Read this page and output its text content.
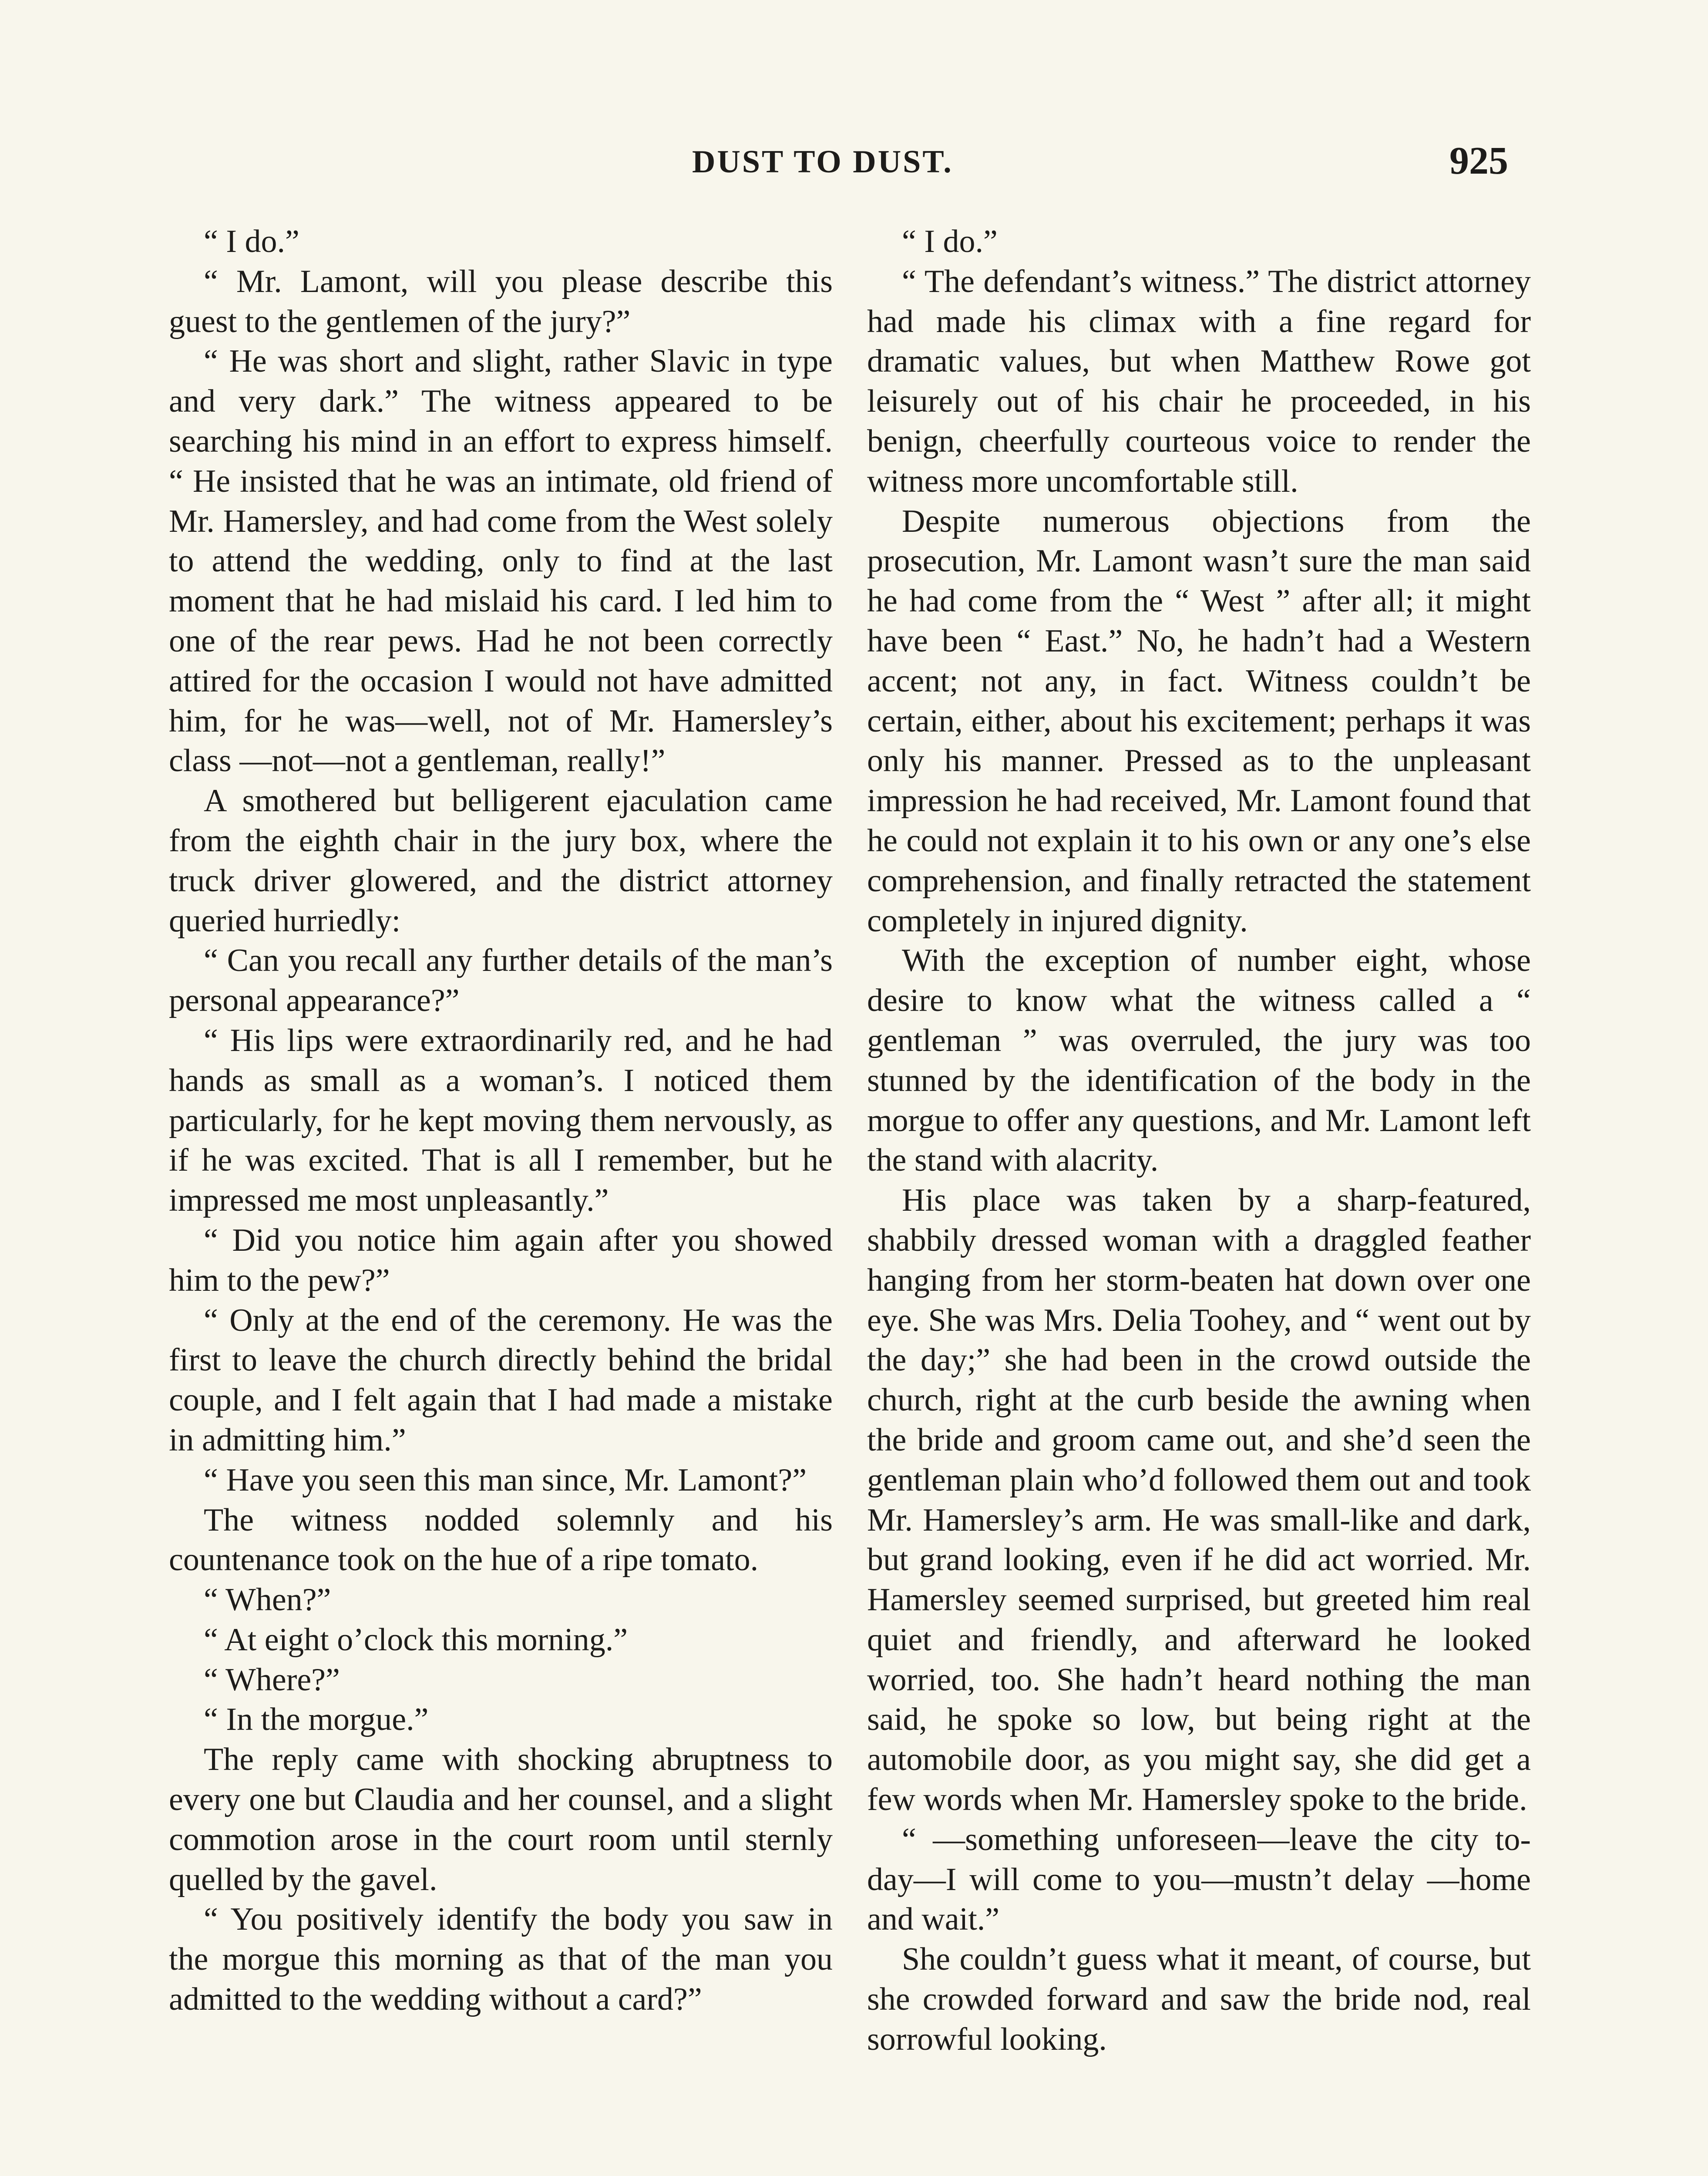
DUST TO DUST.	925

“ I do.”

“ Mr. Lamont, will you please describe this guest to the gentlemen of the jury?”

“ He was short and slight, rather Slavic in type and very dark.” The witness appeared to be searching his mind in an effort to express himself. “ He insisted that he was an intimate, old friend of Mr. Hamersley, and had come from the West solely to attend the wedding, only to find at the last moment that he had mislaid his card. I led him to one of the rear pews. Had he not been correctly attired for the occasion I would not have admitted him, for he was—well, not of Mr. Hamersley’s class —not—not a gentleman, really!”

A smothered but belligerent ejaculation came from the eighth chair in the jury box, where the truck driver glowered, and the district attorney queried hurriedly:

“ Can you recall any further details of the man’s personal appearance?”

“ His lips were extraordinarily red, and he had hands as small as a woman’s. I noticed them particularly, for he kept moving them nervously, as if he was excited. That is all I remember, but he impressed me most unpleasantly.”

“ Did you notice him again after you showed him to the pew?”

“ Only at the end of the ceremony. He was the first to leave the church directly behind the bridal couple, and I felt again that I had made a mistake in admitting him.”

“ Have you seen this man since, Mr. Lamont?”

The witness nodded solemnly and his countenance took on the hue of a ripe tomato.

“ When?”

“ At eight o’clock this morning.”

“ Where?”

“ In the morgue.”

The reply came with shocking abruptness to every one but Claudia and her counsel, and a slight commotion arose in the court room until sternly quelled by the gavel.

“ You positively identify the body you saw in the morgue this morning as that of the man you admitted to the wedding without a card?”

“ I do.”

“ The defendant’s witness.” The district attorney had made his climax with a fine regard for dramatic values, but when Matthew Rowe got leisurely out of his chair he proceeded, in his benign, cheerfully courteous voice to render the witness more uncomfortable still.

Despite numerous objections from the prosecution, Mr. Lamont wasn’t sure the man said he had come from the “ West ” after all; it might have been “ East.” No, he hadn’t had a Western accent; not any, in fact. Witness couldn’t be certain, either, about his excitement; perhaps it was only his manner. Pressed as to the unpleasant impression he had received, Mr. Lamont found that he could not explain it to his own or any one’s else comprehension, and finally retracted the statement completely in injured dignity.

With the exception of number eight, whose desire to know what the witness called a “ gentleman ” was overruled, the jury was too stunned by the identification of the body in the morgue to offer any questions, and Mr. Lamont left the stand with alacrity.

His place was taken by a sharp-featured, shabbily dressed woman with a draggled feather hanging from her storm-beaten hat down over one eye. She was Mrs. Delia Toohey, and “ went out by the day;” she had been in the crowd outside the church, right at the curb beside the awning when the bride and groom came out, and she’d seen the gentleman plain who’d followed them out and took Mr. Hamersley’s arm. He was small-like and dark, but grand looking, even if he did act worried. Mr. Hamersley seemed surprised, but greeted him real quiet and friendly, and afterward he looked worried, too. She hadn’t heard nothing the man said, he spoke so low, but being right at the automobile door, as you might say, she did get a few words when Mr. Hamersley spoke to the bride.

“ —something unforeseen—leave the city to-day—I will come to you—mustn’t delay —home and wait.”

She couldn’t guess what it meant, of course, but she crowded forward and saw the bride nod, real sorrowful looking.
